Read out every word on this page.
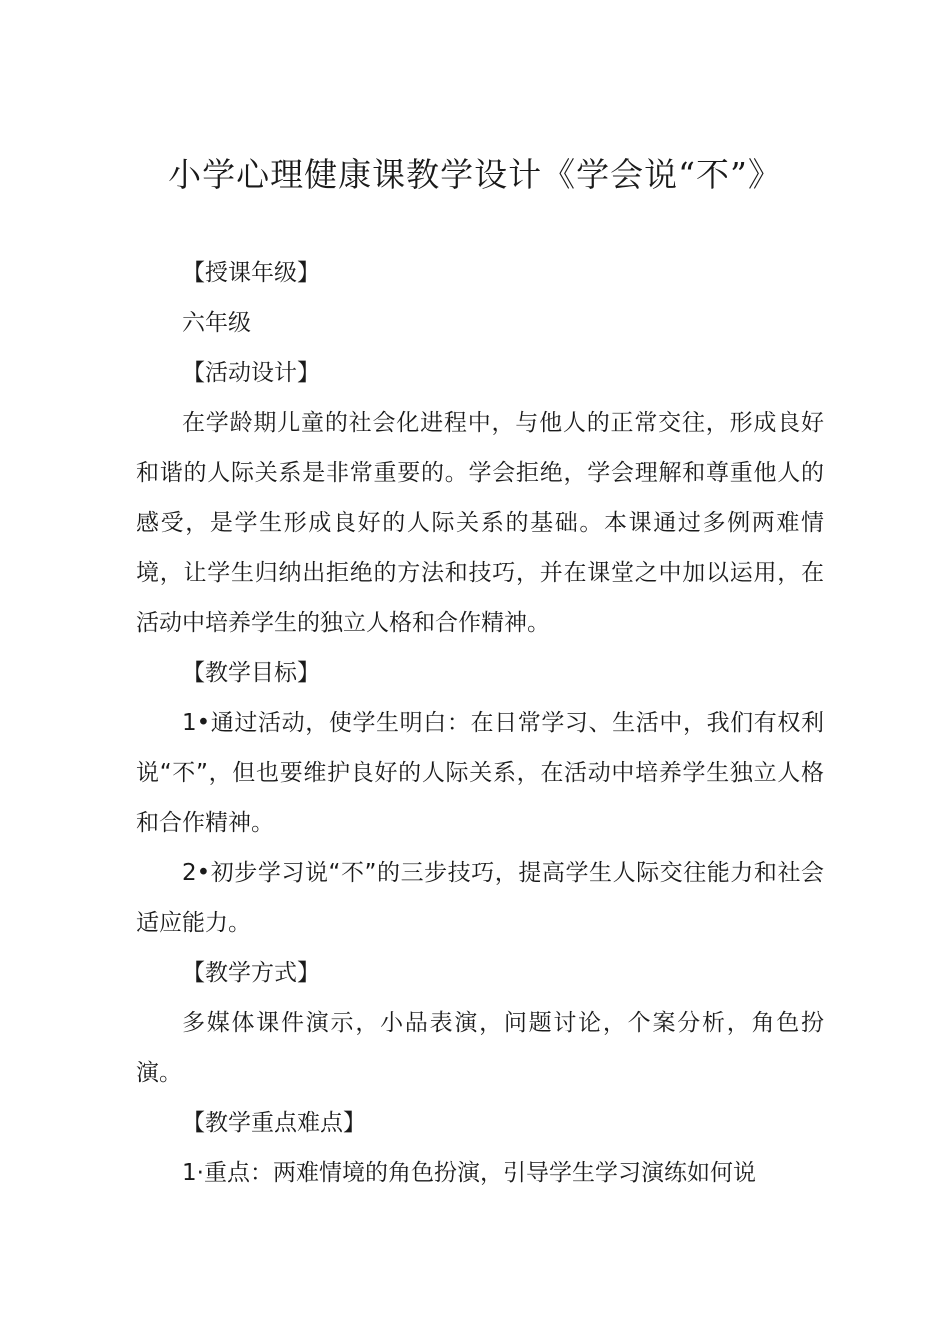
小学心理健康课教学设计《学会说“不”》

【授课年级】

六年级

【活动设计】

在学龄期儿童的社会化进程中，与他人的正常交往，形成良好和谐的人际关系是非常重要的。学会拒绝，学会理解和尊重他人的感受，是学生形成良好的人际关系的基础。本课通过多例两难情境，让学生归纳出拒绝的方法和技巧，并在课堂之中加以运用，在活动中培养学生的独立人格和合作精神。

【教学目标】

1•通过活动，使学生明白：在日常学习、生活中，我们有权利说“不”，但也要维护良好的人际关系，在活动中培养学生独立人格和合作精神。

2•初步学习说“不”的三步技巧，提高学生人际交往能力和社会适应能力。

【教学方式】

多媒体课件演示，小品表演，问题讨论，个案分析，角色扮演。

【教学重点难点】

1·重点：两难情境的角色扮演，引导学生学习演练如何说
